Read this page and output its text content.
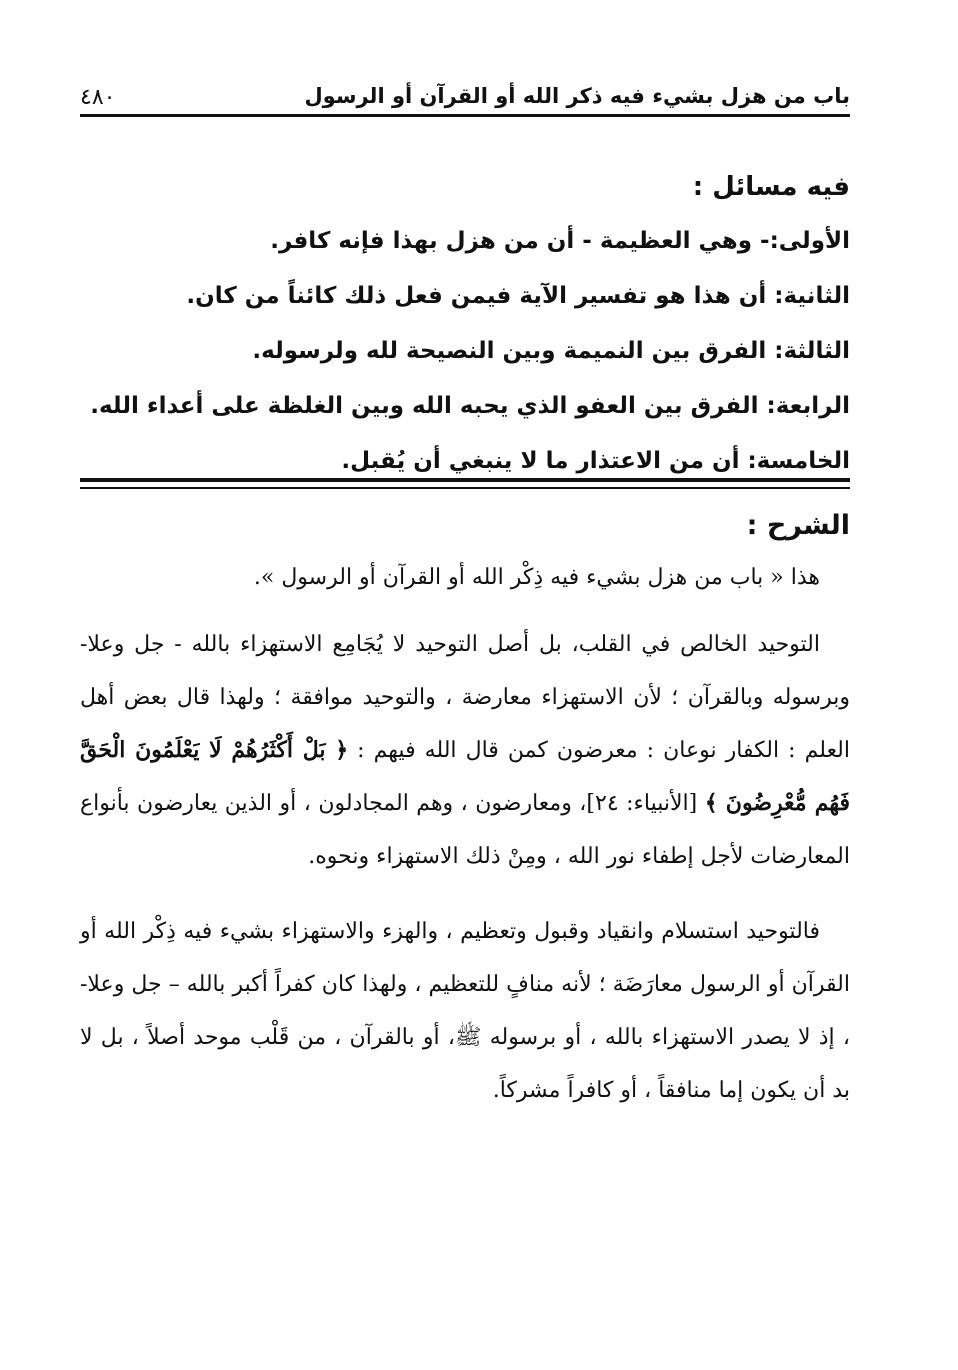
باب من هزل بشيء فيه ذكر الله أو القرآن أو الرسول
٤٨٠
فيه مسائل :
الأولى:- وهي العظيمة - أن من هزل بهذا فإنه كافر.
الثانية: أن هذا هو تفسير الآية فيمن فعل ذلك كائناً من كان.
الثالثة: الفرق بين النميمة وبين النصيحة لله ولرسوله.
الرابعة: الفرق بين العفو الذي يحبه الله وبين الغلظة على أعداء الله.
الخامسة: أن من الاعتذار ما لا ينبغي أن يُقبل.
الشرح :
هذا « باب من هزل بشيء فيه ذِكْر الله أو القرآن أو الرسول ».

التوحيد الخالص في القلب، بل أصل التوحيد لا يُجَامِع الاستهزاء بالله - جل وعلا- وبرسوله وبالقرآن ؛ لأن الاستهزاء معارضة ، والتوحيد موافقة ؛ ولهذا قال بعض أهل العلم : الكفار نوعان : معرضون كمن قال الله فيهم : ﴿ بَلْ أَكْثَرُهُمْ لَا يَعْلَمُونَ الْحَقَّ فَهُم مُّعْرِضُونَ ﴾ [الأنبياء: ٢٤]، ومعارضون ، وهم المجادلون ، أو الذين يعارضون بأنواع المعارضات لأجل إطفاء نور الله ، ومِنْ ذلك الاستهزاء ونحوه.

فالتوحيد استسلام وانقياد وقبول وتعظيم ، والهزء والاستهزاء بشيء فيه ذِكْر الله أو القرآن أو الرسول معارَضَة ؛ لأنه منافٍ للتعظيم ، ولهذا كان كفراً أكبر بالله – جل وعلا- ، إذ لا يصدر الاستهزاء بالله ، أو برسوله ﷺ، أو بالقرآن ، من قَلْب موحد أصلاً ، بل لا بد أن يكون إما منافقاً ، أو كافراً مشركاً.
